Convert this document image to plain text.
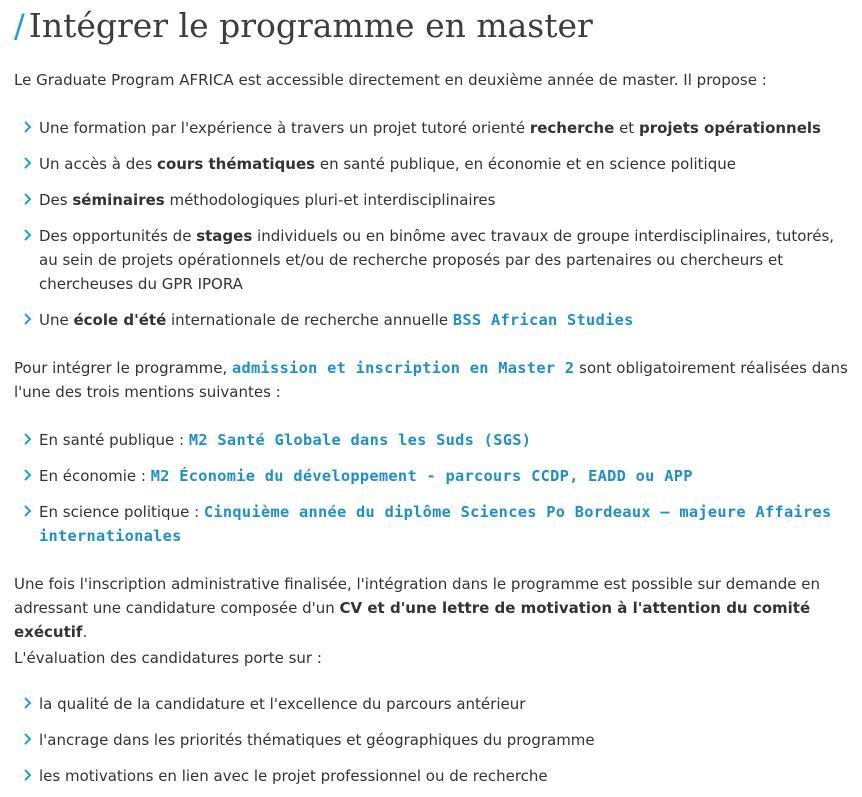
/ Intégrer le programme en master

Le Graduate Program AFRICA est accessible directement en deuxième année de master. Il propose :

Une formation par l'expérience à travers un projet tutoré orienté recherche et projets opérationnels
Un accès à des cours thématiques en santé publique, en économie et en science politique
Des séminaires méthodologiques pluri-et interdisciplinaires
Des opportunités de stages individuels ou en binôme avec travaux de groupe interdisciplinaires, tutorés, au sein de projets opérationnels et/ou de recherche proposés par des partenaires ou chercheurs et chercheuses du GPR IPORA
Une école d'été internationale de recherche annuelle BSS African Studies

Pour intégrer le programme, admission et inscription en Master 2 sont obligatoirement réalisées dans l'une des trois mentions suivantes :

En santé publique : M2 Santé Globale dans les Suds (SGS)
En économie : M2 Économie du développement - parcours CCDP, EADD ou APP
En science politique : Cinquième année du diplôme Sciences Po Bordeaux – majeure Affaires internationales

Une fois l'inscription administrative finalisée, l'intégration dans le programme est possible sur demande en adressant une candidature composée d'un CV et d'une lettre de motivation à l'attention du comité exécutif.

L'évaluation des candidatures porte sur :

la qualité de la candidature et l'excellence du parcours antérieur
l'ancrage dans les priorités thématiques et géographiques du programme
les motivations en lien avec le projet professionnel ou de recherche
